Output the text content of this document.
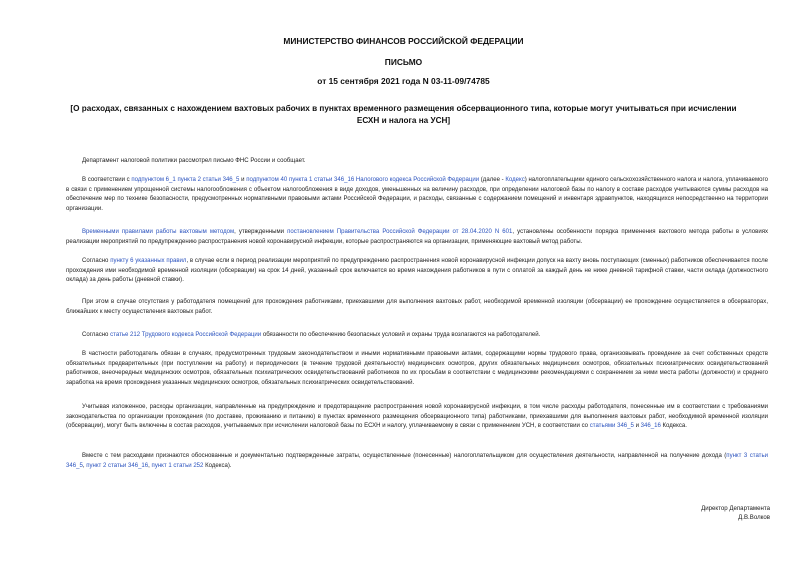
МИНИСТЕРСТВО ФИНАНСОВ РОССИЙСКОЙ ФЕДЕРАЦИИ
ПИСЬМО
от 15 сентября 2021 года N 03-11-09/74785
[О расходах, связанных с нахождением вахтовых рабочих в пунктах временного размещения обсервационного типа, которые могут учитываться при исчислении ЕСХН и налога на УСН]
Департамент налоговой политики рассмотрел письмо ФНС России и сообщает.
В соответствии с подпунктом 6_1 пункта 2 статьи 346_5 и подпунктом 40 пункта 1 статьи 346_16 Налогового кодекса Российской Федерации (далее - Кодекс) налогоплательщики единого сельскохозяйственного налога и налога, уплачиваемого в связи с применением упрощенной системы налогообложения с объектом налогообложения в виде доходов, уменьшенных на величину расходов, при определении налоговой базы по налогу в составе расходов учитываются суммы расходов на обеспечение мер по технике безопасности, предусмотренных нормативными правовыми актами Российской Федерации, и расходы, связанные с содержанием помещений и инвентаря здравпунктов, находящихся непосредственно на территории организации.
Временными правилами работы вахтовым методом, утвержденными постановлением Правительства Российской Федерации от 28.04.2020 N 601, установлены особенности порядка применения вахтового метода работы в условиях реализации мероприятий по предупреждению распространения новой коронавирусной инфекции, которые распространяются на организации, применяющие вахтовый метод работы.
Согласно пункту 6 указанных правил, в случае если в период реализации мероприятий по предупреждению распространения новой коронавирусной инфекции допуск на вахту вновь поступающих (сменных) работников обеспечивается после прохождения ими необходимой временной изоляции (обсервации) на срок 14 дней, указанный срок включается во время нахождения работников в пути с оплатой за каждый день не ниже дневной тарифной ставки, части оклада (должностного оклада) за день работы (дневной ставки).
При этом в случае отсутствия у работодателя помещений для прохождения работниками, приехавшими для выполнения вахтовых работ, необходимой временной изоляции (обсервации) ее прохождение осуществляется в обсерваторах, ближайших к месту осуществления вахтовых работ.
Согласно статье 212 Трудового кодекса Российской Федерации обязанности по обеспечению безопасных условий и охраны труда возлагаются на работодателей.
В частности работодатель обязан в случаях, предусмотренных трудовым законодательством и иными нормативными правовыми актами, содержащими нормы трудового права, организовывать проведение за счет собственных средств обязательных предварительных (при поступлении на работу) и периодических (в течение трудовой деятельности) медицинских осмотров, других обязательных медицинских осмотров, обязательных психиатрических освидетельствований работников, внеочередных медицинских осмотров, обязательных психиатрических освидетельствований работников по их просьбам в соответствии с медицинскими рекомендациями с сохранением за ними места работы (должности) и среднего заработка на время прохождения указанных медицинских осмотров, обязательных психиатрических освидетельствований.
Учитывая изложенное, расходы организации, направленные на предупреждение и предотвращение распространения новой коронавирусной инфекции, в том числе расходы работодателя, понесенные им в соответствии с требованиями законодательства по организации прохождения (по доставке, проживанию и питанию) в пунктах временного размещения обсервационного типа) работниками, приехавшими для выполнения вахтовых работ, необходимой временной изоляции (обсервации), могут быть включены в состав расходов, учитываемых при исчислении налоговой базы по ЕСХН и налогу, уплачиваемому в связи с применением УСН, в соответствии со статьями 346_5 и 346_16 Кодекса.
Вместе с тем расходами признаются обоснованные и документально подтвержденные затраты, осуществленные (понесенные) налогоплательщиком для осуществления деятельности, направленной на получение дохода (пункт 3 статьи 346_5, пункт 2 статьи 346_16, пункт 1 статьи 252 Кодекса).
Директор Департамента
Д.В.Волков
